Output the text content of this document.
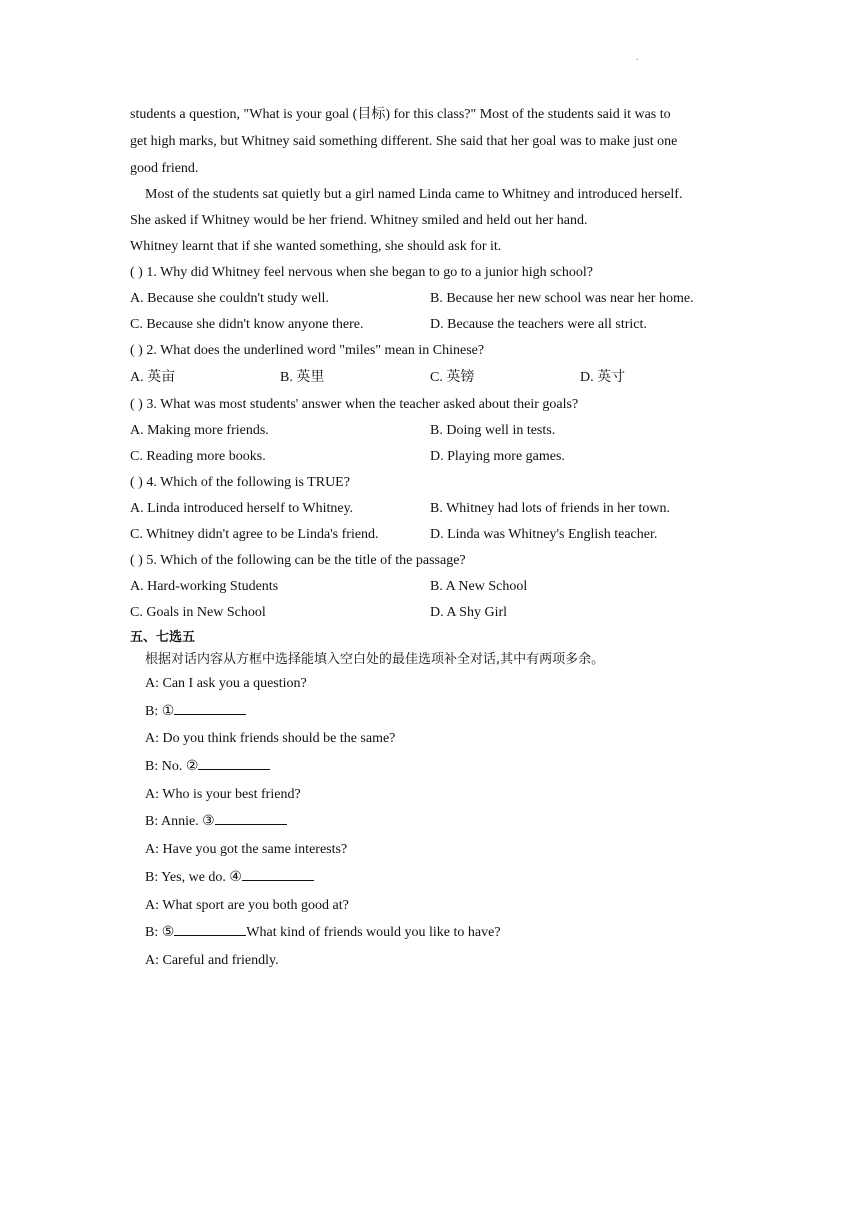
.
students a question, "What is your goal (目标) for this class?" Most of the students said it was to
get high marks, but Whitney said something different. She said that her goal was to make just one
good friend.
Most of the students sat quietly but a girl named Linda came to Whitney and introduced herself.
She asked if Whitney would be her friend. Whitney smiled and held out her hand.
Whitney learnt that if she wanted something, she should ask for it.
( ) 1. Why did Whitney feel nervous when she began to go to a junior high school?
A. Because she couldn't study well.	B. Because her new school was near her home.
C. Because she didn't know anyone there.	D. Because the teachers were all strict.
( ) 2. What does the underlined word "miles" mean in Chinese?
A. 英亩	B. 英里	C. 英镑	D. 英寸
( ) 3. What was most students' answer when the teacher asked about their goals?
A. Making more friends.	B. Doing well in tests.
C. Reading more books.	D. Playing more games.
( ) 4. Which of the following is TRUE?
A. Linda introduced herself to Whitney.	B. Whitney had lots of friends in her town.
C. Whitney didn't agree to be Linda's friend.	D. Linda was Whitney's English teacher.
( ) 5. Which of the following can be the title of the passage?
A. Hard-working Students	B. A New School
C. Goals in New School	D. A Shy Girl
五、七选五
根据对话内容从方框中选择能填入空白处的最佳选项补全对话,其中有两项多余。
A: Can I ask you a question?
B: ①
A: Do you think friends should be the same?
B: No. ②
A: Who is your best friend?
B: Annie. ③
A: Have you got the same interests?
B: Yes, we do. ④
A: What sport are you both good at?
B: ⑤	What kind of friends would you like to have?
A: Careful and friendly.
